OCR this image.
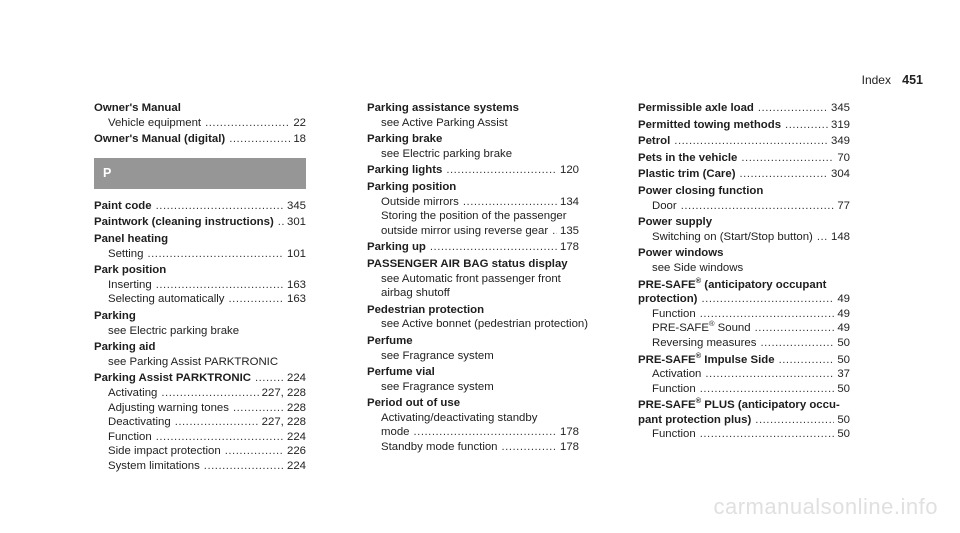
Index 451
Owner's Manual
Vehicle equipment .....	22
Owner's Manual (digital) .....	18
P
Paint code .....	345
Paintwork (cleaning instructions) ..... 301
Panel heating
Setting .....	101
Park position
Inserting .....	163
Selecting automatically .....	163
Parking
see Electric parking brake
Parking aid
see Parking Assist PARKTRONIC
Parking Assist PARKTRONIC .....	224
Activating .....	227, 228
Adjusting warning tones .....	228
Deactivating .....	227, 228
Function .....	224
Side impact protection .....	226
System limitations .....	224
Parking assistance systems
see Active Parking Assist
Parking brake
see Electric parking brake
Parking lights .....	120
Parking position
Outside mirrors .....	134
Storing the position of the passenger
outside mirror using reverse gear ..... 135
Parking up .....	178
PASSENGER AIR BAG status display
see Automatic front passenger front
airbag shutoff
Pedestrian protection
see Active bonnet (pedestrian protection)
Perfume
see Fragrance system
Perfume vial
see Fragrance system
Period out of use
Activating/deactivating standby
mode .....	178
Standby mode function .....	178
Permissible axle load .....	345
Permitted towing methods .....	319
Petrol .....	349
Pets in the vehicle .....	70
Plastic trim (Care) .....	304
Power closing function
Door .....	77
Power supply
Switching on (Start/Stop button) ..... 148
Power windows
see Side windows
PRE-SAFE® (anticipatory occupant
protection) .....	49
Function .....	49
PRE-SAFE® Sound .....	49
Reversing measures .....	50
PRE-SAFE® Impulse Side .....	50
Activation .....	37
Function .....	50
PRE-SAFE® PLUS (anticipatory occu-
pant protection plus) .....	50
Function .....	50
carmanualsonline.info
